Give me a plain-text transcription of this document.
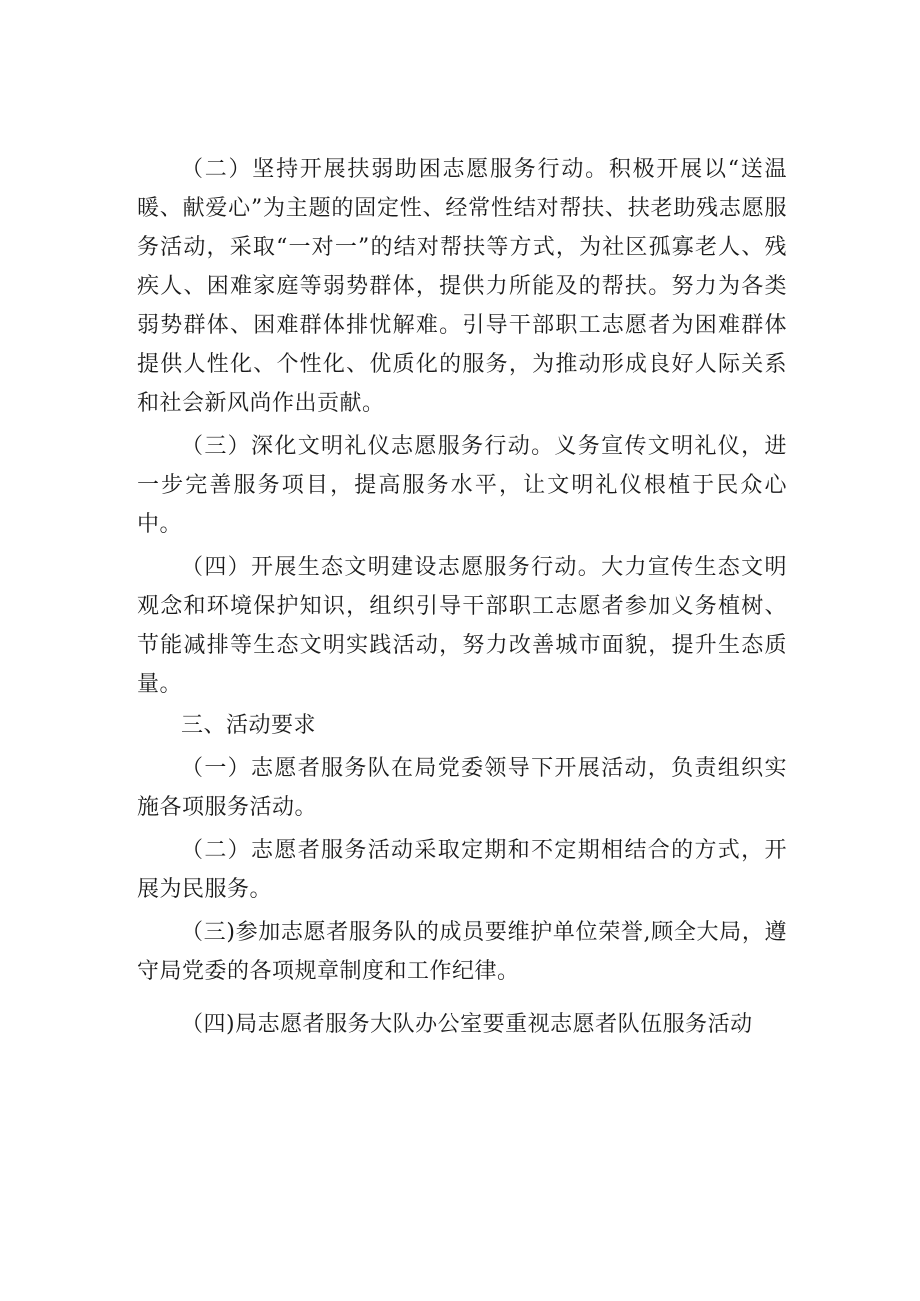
（二）坚持开展扶弱助困志愿服务行动。积极开展以“送温暖、献爱心”为主题的固定性、经常性结对帮扶、扶老助残志愿服务活动，采取“一对一”的结对帮扶等方式，为社区孤寡老人、残疾人、困难家庭等弱势群体，提供力所能及的帮扶。努力为各类弱势群体、困难群体排忧解难。引导干部职工志愿者为困难群体提供人性化、个性化、优质化的服务，为推动形成良好人际关系和社会新风尚作出贡献。

（三）深化文明礼仪志愿服务行动。义务宣传文明礼仪，进一步完善服务项目，提高服务水平，让文明礼仪根植于民众心中。

（四）开展生态文明建设志愿服务行动。大力宣传生态文明观念和环境保护知识，组织引导干部职工志愿者参加义务植树、节能减排等生态文明实践活动，努力改善城市面貌，提升生态质量。

三、活动要求

（一）志愿者服务队在局党委领导下开展活动，负责组织实施各项服务活动。

（二）志愿者服务活动采取定期和不定期相结合的方式，开展为民服务。

（三)参加志愿者服务队的成员要维护单位荣誉,顾全大局，遵守局党委的各项规章制度和工作纪律。

（四)局志愿者服务大队办公室要重视志愿者队伍服务活动
